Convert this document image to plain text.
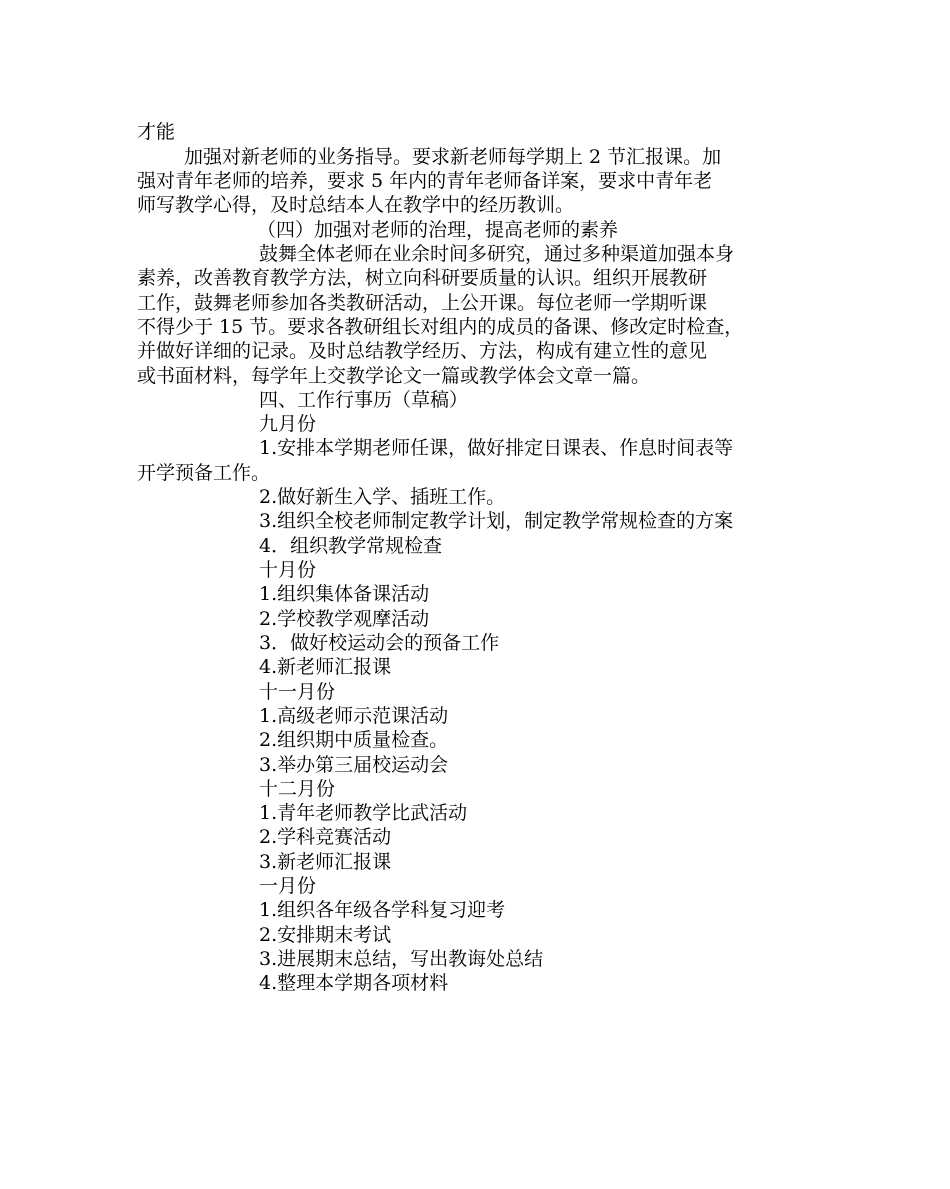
才能

加强对新老师的业务指导。要求新老师每学期上 2 节汇报课。加

强对青年老师的培养，要求 5 年内的青年老师备详案，要求中青年老

师写教学心得，及时总结本人在教学中的经历教训。

（四）加强对老师的治理，提高老师的素养

鼓舞全体老师在业余时间多研究，通过多种渠道加强本身

素养，改善教育教学方法，树立向科研要质量的认识。组织开展教研

工作，鼓舞老师参加各类教研活动，上公开课。每位老师一学期听课

不得少于 15 节。要求各教研组长对组内的成员的备课、修改定时检查，

并做好详细的记录。及时总结教学经历、方法，构成有建立性的意见

或书面材料，每学年上交教学论文一篇或教学体会文章一篇。

四、工作行事历（草稿）

九月份

1.安排本学期老师任课，做好排定日课表、作息时间表等

开学预备工作。

2.做好新生入学、插班工作。

3.组织全校老师制定教学计划，制定教学常规检查的方案

4．组织教学常规检查

十月份

1.组织集体备课活动

2.学校教学观摩活动

3．做好校运动会的预备工作

4.新老师汇报课

十一月份

1.高级老师示范课活动

2.组织期中质量检查。

3.举办第三届校运动会

十二月份

1.青年老师教学比武活动

2.学科竞赛活动

3.新老师汇报课

一月份

1.组织各年级各学科复习迎考

2.安排期末考试

3.进展期末总结，写出教诲处总结

4.整理本学期各项材料
